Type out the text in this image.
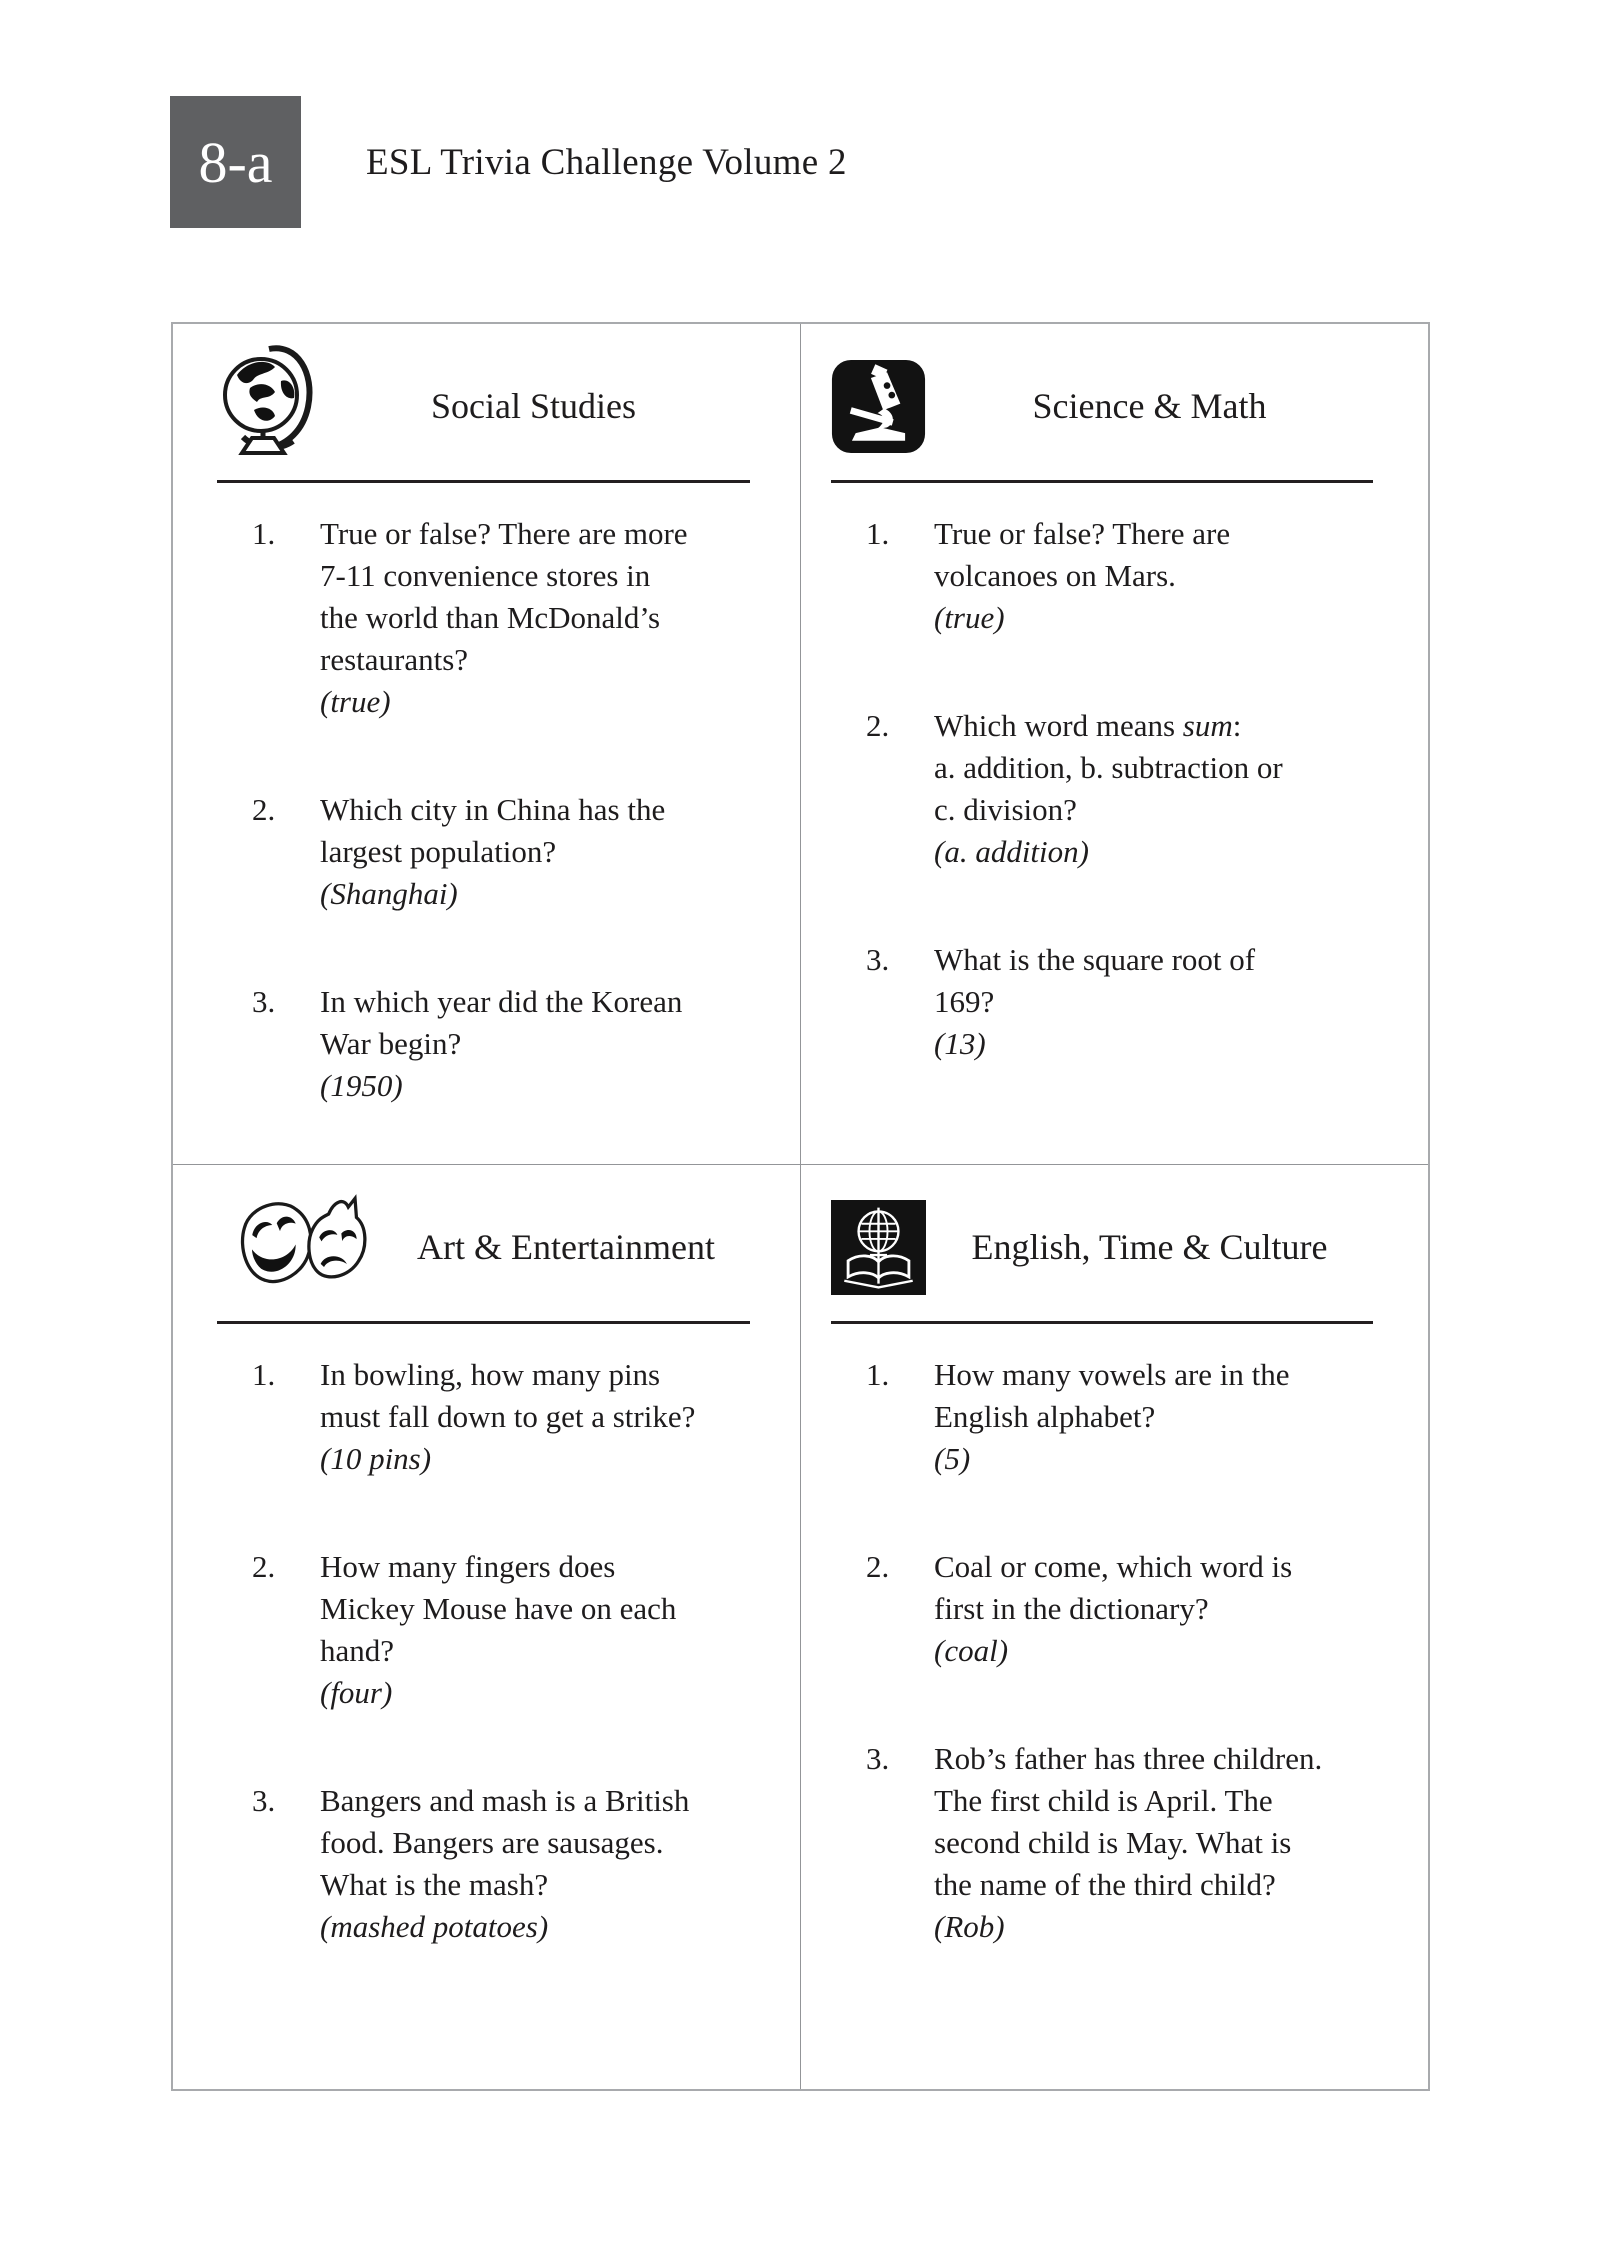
8-a	ESL Trivia Challenge Volume 2
Social Studies
1.	True or false? There are more
7-11 convenience stores in
the world than McDonald’s
restaurants?
(true)
2.	Which city in China has the
largest population?
(Shanghai)
3.	In which year did the Korean
War begin?
(1950)
Science & Math
1.	True or false? There are
volcanoes on Mars.
(true)
2.	Which word means sum:
a. addition, b. subtraction or
c. division?
(a. addition)
3.	What is the square root of
169?
(13)
Art & Entertainment
1.	In bowling, how many pins
must fall down to get a strike?
(10 pins)
2.	How many fingers does
Mickey Mouse have on each
hand?
(four)
3.	Bangers and mash is a British
food. Bangers are sausages.
What is the mash?
(mashed potatoes)
English, Time & Culture
1.	How many vowels are in the
English alphabet?
(5)
2.	Coal or come, which word is
first in the dictionary?
(coal)
3.	Rob’s father has three children.
The first child is April. The
second child is May. What is
the name of the third child?
(Rob)
